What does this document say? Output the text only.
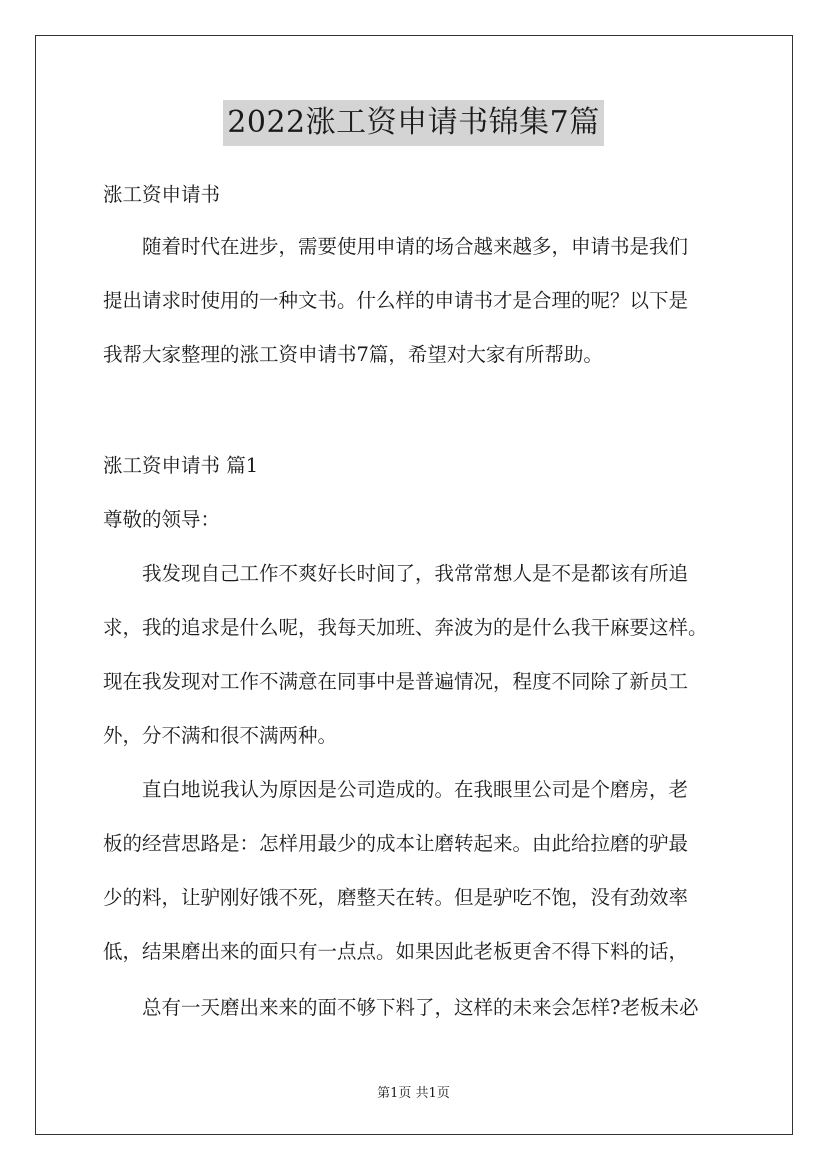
2022涨工资申请书锦集7篇
涨工资申请书

　　随着时代在进步，需要使用申请的场合越来越多，申请书是我们

提出请求时使用的一种文书。什么样的申请书才是合理的呢？以下是

我帮大家整理的涨工资申请书7篇，希望对大家有所帮助。

涨工资申请书 篇1
尊敬的领导：

　　我发现自己工作不爽好长时间了，我常常想人是不是都该有所追

求，我的追求是什么呢，我每天加班、奔波为的是什么我干麻要这样。

现在我发现对工作不满意在同事中是普遍情况，程度不同除了新员工

外，分不满和很不满两种。

　　直白地说我认为原因是公司造成的。在我眼里公司是个磨房，老

板的经营思路是：怎样用最少的成本让磨转起来。由此给拉磨的驴最

少的料，让驴刚好饿不死，磨整天在转。但是驴吃不饱，没有劲效率

低，结果磨出来的面只有一点点。如果因此老板更舍不得下料的话，

　　总有一天磨出来来的面不够下料了，这样的未来会怎样?老板未必

第1页 共1页
